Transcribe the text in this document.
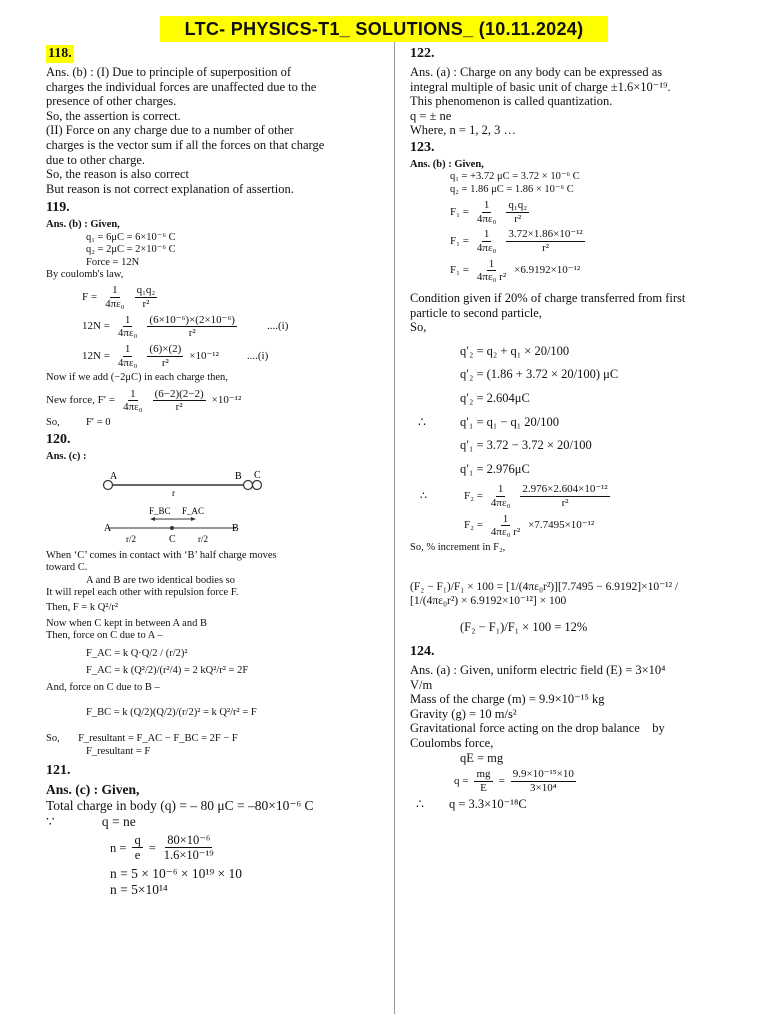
LTC- PHYSICS-T1_ SOLUTIONS_ (10.11.2024)
118.

Ans. (b) : (I) Due to principle of superposition of

charges the individual forces are unaffected due to the

presence of other charges.

So, the assertion is correct.

(II) Force on any charge due to a number of other

charges is the vector sum if all the forces on that charge

due to other charge.

So, the reason is also correct

But reason is not correct explanation of assertion.

119.

Ans. (b) : Given,

q₁ = 6μC = 6×10⁻⁶ C

q₂ = 2μC = 2×10⁻⁶ C

Force = 12N

By coulomb's law,

$F = \frac{1}{\text{4πε₀}} \frac{\text{q₁q₂}}{\text{r²}}$
$12N = \frac{1}{\text{4πε₀}} \frac{\text{(6×10⁻⁶)×(2×10⁻⁶)}}{\text{r²}}$	....(i)
$12N = \frac{1}{\text{4πε₀}} \frac{(6)\times(2)}{\text{r²}} \times 10^{-12}$	....(i)

Now if we add (−2μC) in each charge then,

New force, $F' = \frac{1}{\text{4πε₀}} \frac{(6-2)(2-2)}{\text{r²}} \times 10^{-12}$

So,          F′ = 0

120.

Ans. (c) :

A	B C
r
A
C
B
F_BC F_AC
r/2	r/2

When ‘C’ comes in contact with ‘B’ half charge moves

toward C.

A and B are two identical bodies so

It will repel each other with repulsion force F.

Then, F = k Q²/r²

Now when C kept in between A and B

Then, force on C due to A –

F_AC = k Q·Q/2 / (r/2)²

F_AC = k (Q²/2)/(r²/4) = 2 kQ²/r² = 2F

And, force on C due to B –

F_BC = k (Q/2)(Q/2)/(r/2)² = k Q²/r² = F

So,       F_resultant = F_AC − F_BC = 2F − F

F_resultant = F

121.

Ans. (c) : Given,

Total charge in body (q) = – 80 μC = –80×10⁻⁶ C

∵              q = ne

$n = \frac{q}{e} = \frac{\text{80×10⁻⁶}}{\text{1.6×10⁻¹⁹}}$

n = 5 × 10⁻⁶ × 10¹⁹ × 10

n = 5×10¹⁴

122.

Ans. (a) : Charge on any body can be expressed as

integral multiple of basic unit of charge ±1.6×10⁻¹⁹.

This phenomenon is called quantization.

q = ± ne

Where, n = 1, 2, 3 …

123.

Ans. (b) : Given,

q₁ = +3.72 μC = 3.72 × 10⁻⁶ C

q₂ = 1.86 μC = 1.86 × 10⁻⁶ C

$F_1 = \frac{1}{\text{4πε₀}} \frac{\text{q₁q₂}}{\text{r²}}$
$F_1 = \frac{1}{\text{4πε₀}} \frac{\text{3.72×1.86×10⁻¹²}}{\text{r²}}$
$F_1 = \frac{1}{\text{4πε₀ r²}} \times 6.9192\times 10^{-12}$

Condition given if 20% of charge transferred from first

particle to second particle,

So,

q′₂ = q₂ + q₁ × 20/100

q′₂ = (1.86 + 3.72 × 20/100) μC

q′₂ = 2.604μC

∴	q′₁ = q₁ − q₁ 20/100

q′₁ = 3.72 − 3.72 × 20/100

q′₁ = 2.976μC

∴	$F_2 = \frac{1}{\text{4πε₀}} \frac{\text{2.976×2.604×10⁻¹²}}{\text{r²}}$
$F_2 = \frac{1}{\text{4πε₀ r²}} \times 7.7495\times 10^{-12}$

So, % increment in F₂,

(F₂ − F₁)/F₁ × 100 = [1/(4πε₀r²)][7.7495 − 6.9192]×10⁻¹² / [1/(4πε₀r²) × 6.9192×10⁻¹²] × 100

(F₂ − F₁)/F₁ × 100 = 12%

124.

Ans. (a) : Given, uniform electric field (E) = 3×10⁴

V/m

Mass of the charge (m) = 9.9×10⁻¹⁵ kg

Gravity (g) = 10 m/s²

Gravitational force acting on the drop balance    by

Coulombs force,

qE = mg

$q = \frac{mg}{E} = \frac{\text{9.9×10⁻¹⁵×10}}{\text{3×10⁴}}$

∴        q = 3.3×10⁻¹⁸C
